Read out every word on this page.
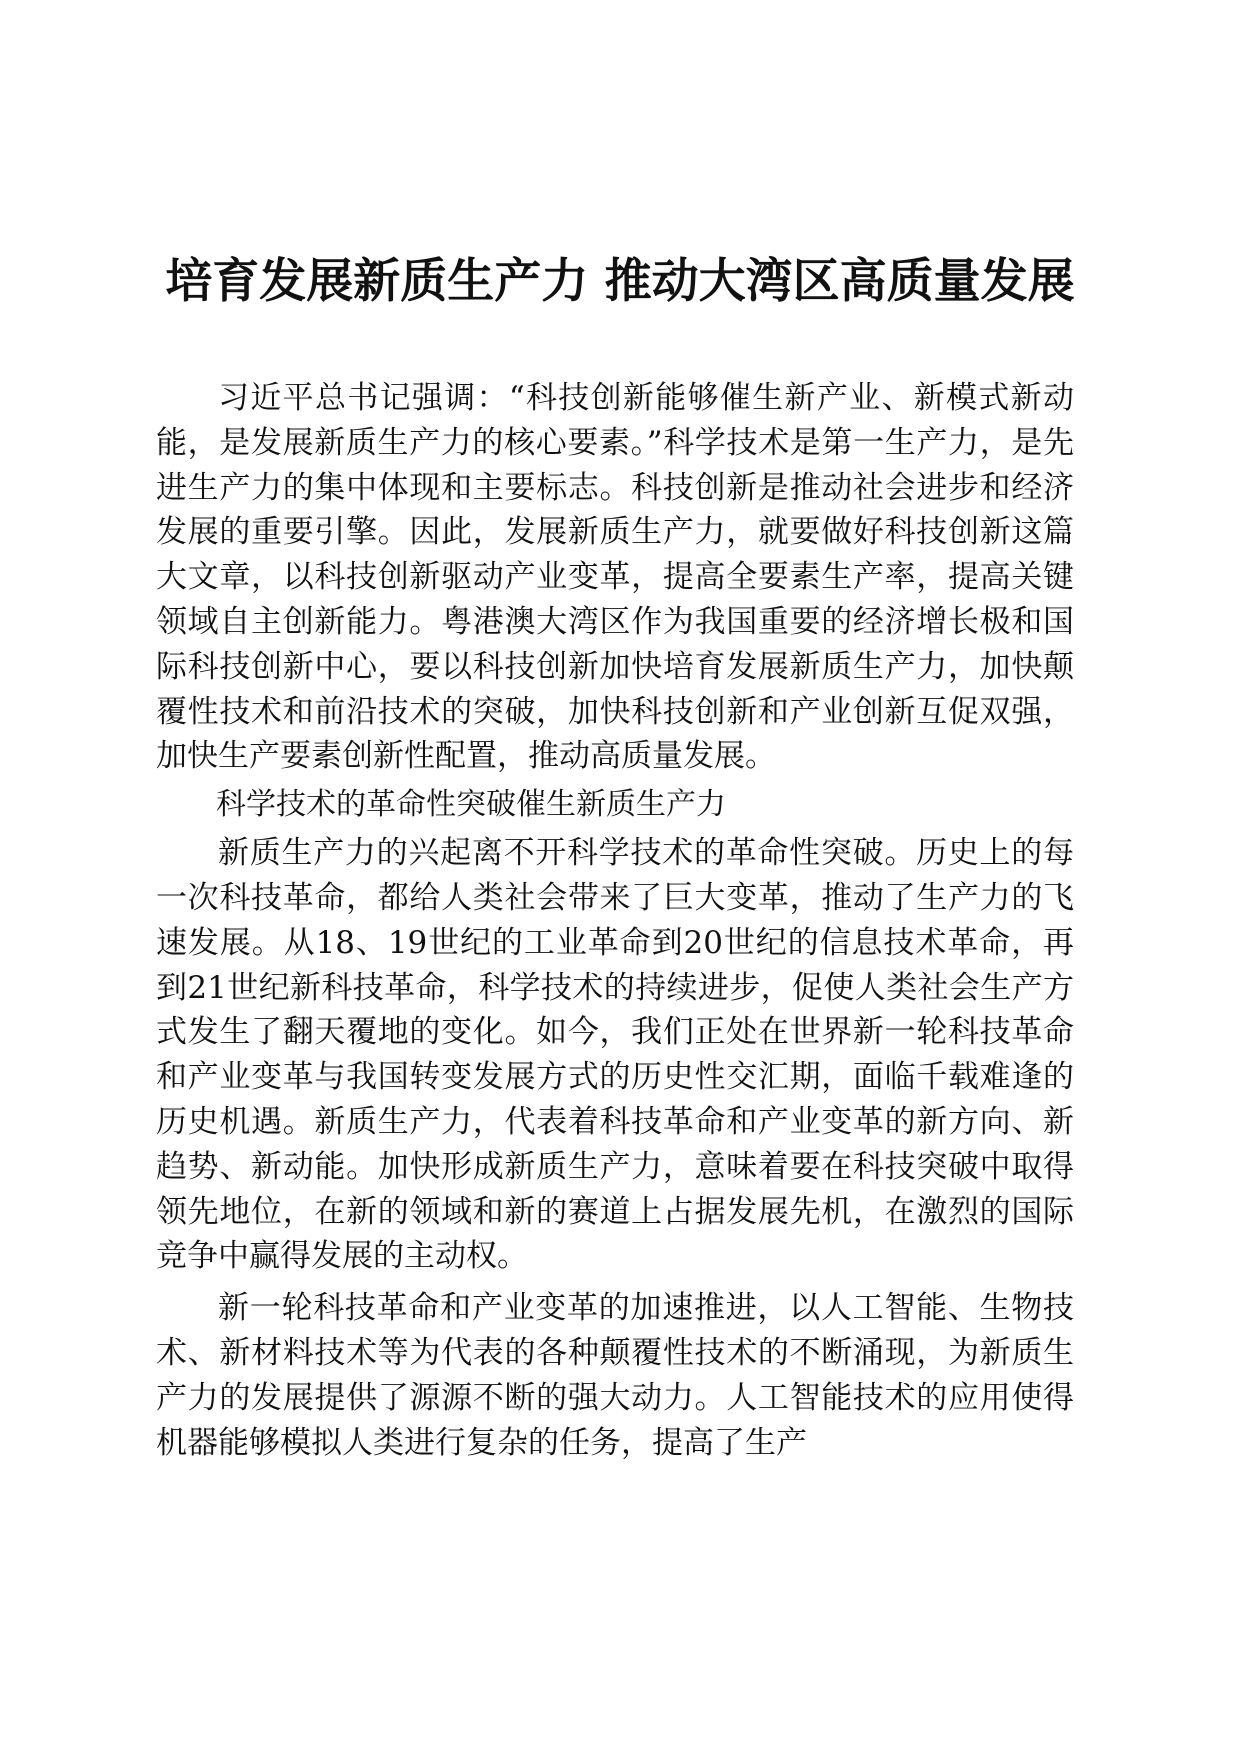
培育发展新质生产力 推动大湾区高质量发展

习近平总书记强调：“科技创新能够催生新产业、新模式新动能，是发展新质生产力的核心要素。”科学技术是第一生产力，是先进生产力的集中体现和主要标志。科技创新是推动社会进步和经济发展的重要引擎。因此，发展新质生产力，就要做好科技创新这篇大文章，以科技创新驱动产业变革，提高全要素生产率，提高关键领域自主创新能力。粤港澳大湾区作为我国重要的经济增长极和国际科技创新中心，要以科技创新加快培育发展新质生产力，加快颠覆性技术和前沿技术的突破，加快科技创新和产业创新互促双强，加快生产要素创新性配置，推动高质量发展。

科学技术的革命性突破催生新质生产力

新质生产力的兴起离不开科学技术的革命性突破。历史上的每一次科技革命，都给人类社会带来了巨大变革，推动了生产力的飞速发展。从18、19世纪的工业革命到20世纪的信息技术革命，再到21世纪新科技革命，科学技术的持续进步，促使人类社会生产方式发生了翻天覆地的变化。如今，我们正处在世界新一轮科技革命和产业变革与我国转变发展方式的历史性交汇期，面临千载难逢的历史机遇。新质生产力，代表着科技革命和产业变革的新方向、新趋势、新动能。加快形成新质生产力，意味着要在科技突破中取得领先地位，在新的领域和新的赛道上占据发展先机，在激烈的国际竞争中赢得发展的主动权。

新一轮科技革命和产业变革的加速推进，以人工智能、生物技术、新材料技术等为代表的各种颠覆性技术的不断涌现，为新质生产力的发展提供了源源不断的强大动力。人工智能技术的应用使得机器能够模拟人类进行复杂的任务，提高了生产
